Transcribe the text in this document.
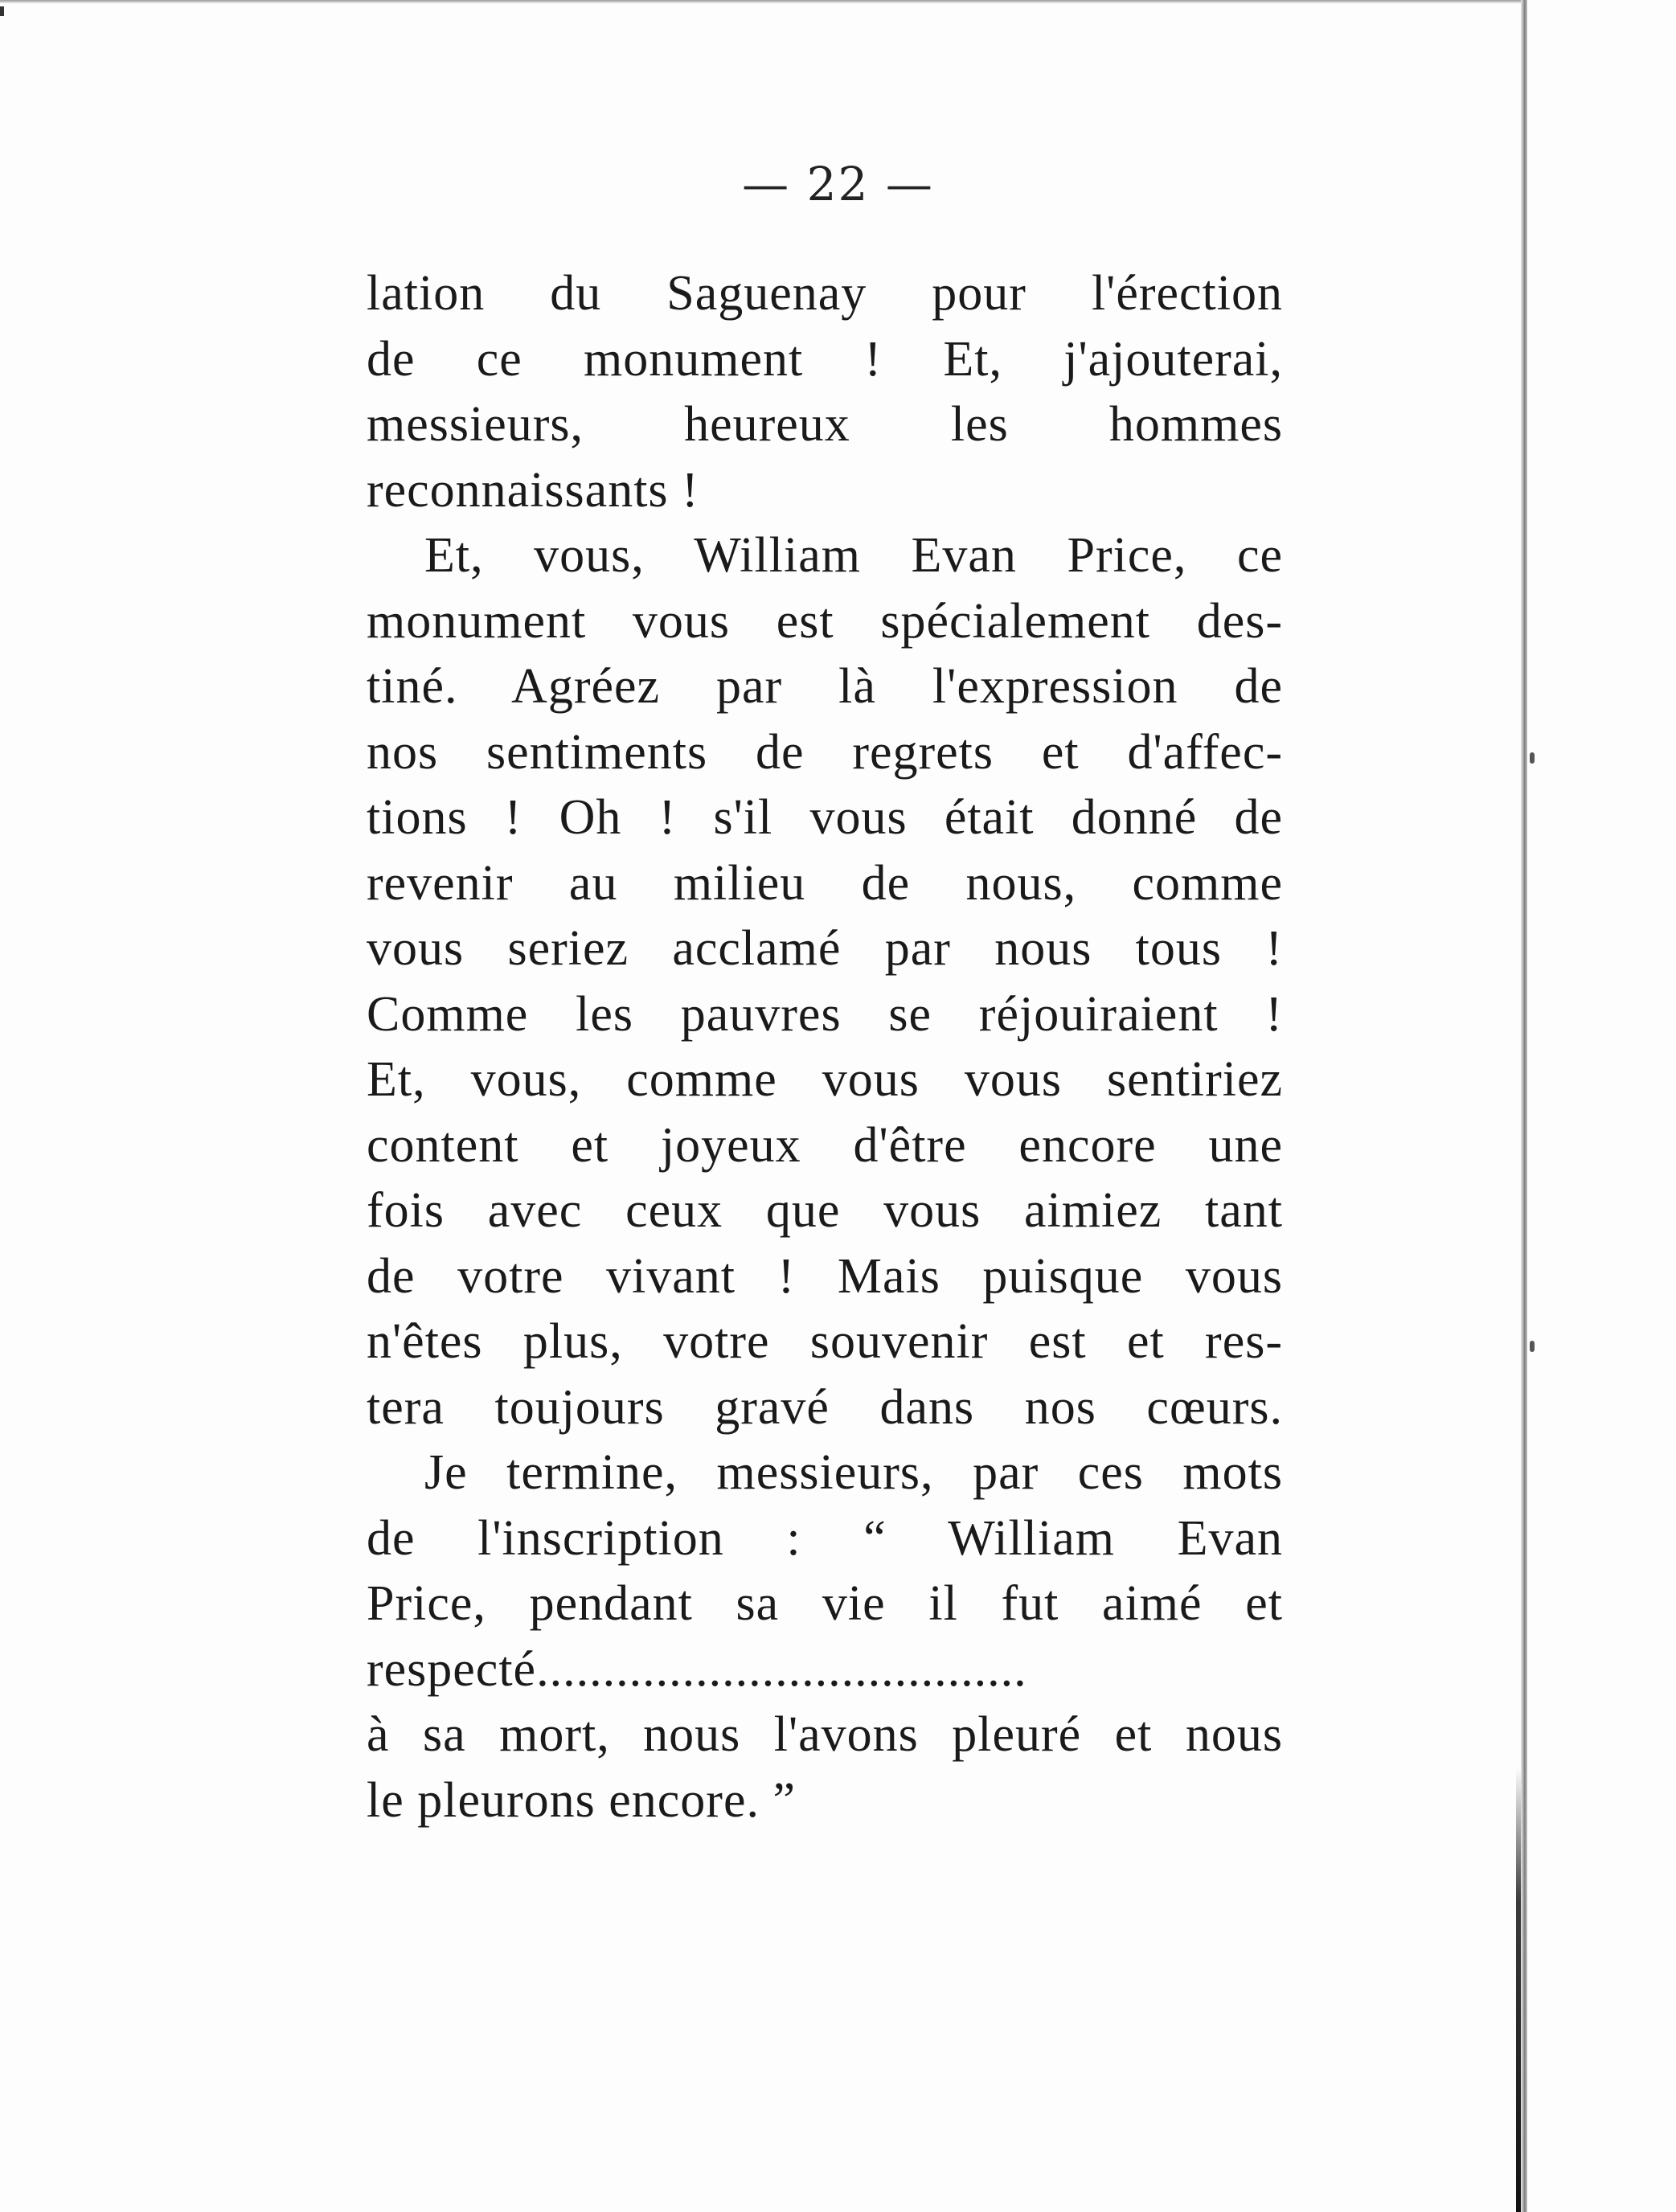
— 22 —
lation du Saguenay pour l'érection
de ce monument ! Et, j'ajouterai,
messieurs, heureux les hommes
reconnaissants !
Et, vous, William Evan Price, ce
monument vous est spécialement des-
tiné. Agréez par là l'expression de
nos sentiments de regrets et d'affec-
tions ! Oh ! s'il vous était donné de
revenir au milieu de nous, comme
vous seriez acclamé par nous tous !
Comme les pauvres se réjouiraient !
Et, vous, comme vous vous sentiriez
content et joyeux d'être encore une
fois avec ceux que vous aimiez tant
de votre vivant ! Mais puisque vous
n'êtes plus, votre souvenir est et res-
tera toujours gravé dans nos cœurs.
Je termine, messieurs, par ces mots
de l'inscription : “ William Evan
Price, pendant sa vie il fut aimé et
respecté.....................................
à sa mort, nous l'avons pleuré et nous
le pleurons encore. ”
